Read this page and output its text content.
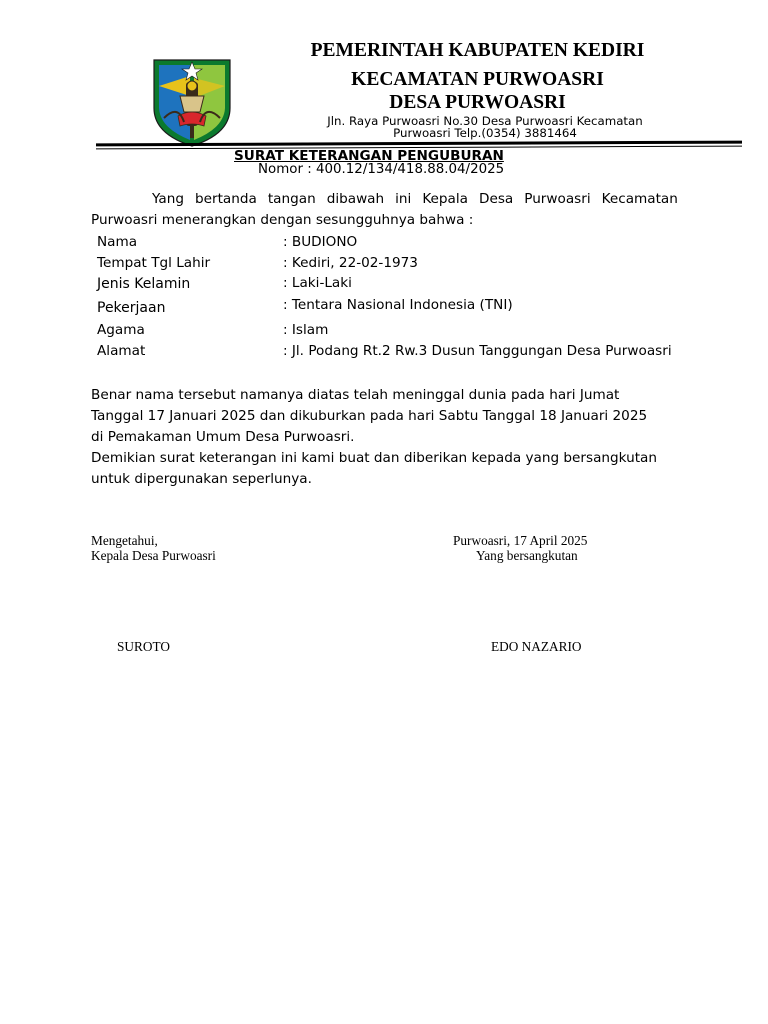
PEMERINTAH KABUPATEN KEDIRI
KECAMATAN PURWOASRI
DESA PURWOASRI
Jln. Raya Purwoasri No.30 Desa Purwoasri Kecamatan
Purwoasri Telp.(0354) 3881464
SURAT KETERANGAN PENGUBURAN
Nomor : 400.12/134/418.88.04/2025
Yang bertanda tangan dibawah ini Kepala Desa Purwoasri Kecamatan
Purwoasri menerangkan dengan sesungguhnya bahwa :
Nama	: BUDIONO
Tempat Tgl Lahir	: Kediri, 22-02-1973
Jenis Kelamin	: Laki-Laki
Pekerjaan	: Tentara Nasional Indonesia (TNI)
Agama	: Islam
Alamat	: Jl. Podang Rt.2 Rw.3 Dusun Tanggungan Desa Purwoasri
Benar nama tersebut namanya diatas telah meninggal dunia pada hari Jumat
Tanggal 17 Januari 2025 dan dikuburkan pada hari Sabtu Tanggal 18 Januari 2025
di Pemakaman Umum Desa Purwoasri.
Demikian surat keterangan ini kami buat dan diberikan kepada yang bersangkutan
untuk dipergunakan seperlunya.
Mengetahui,
Kepala Desa Purwoasri
SUROTO
Purwoasri, 17 April 2025
Yang bersangkutan
EDO NAZARIO
